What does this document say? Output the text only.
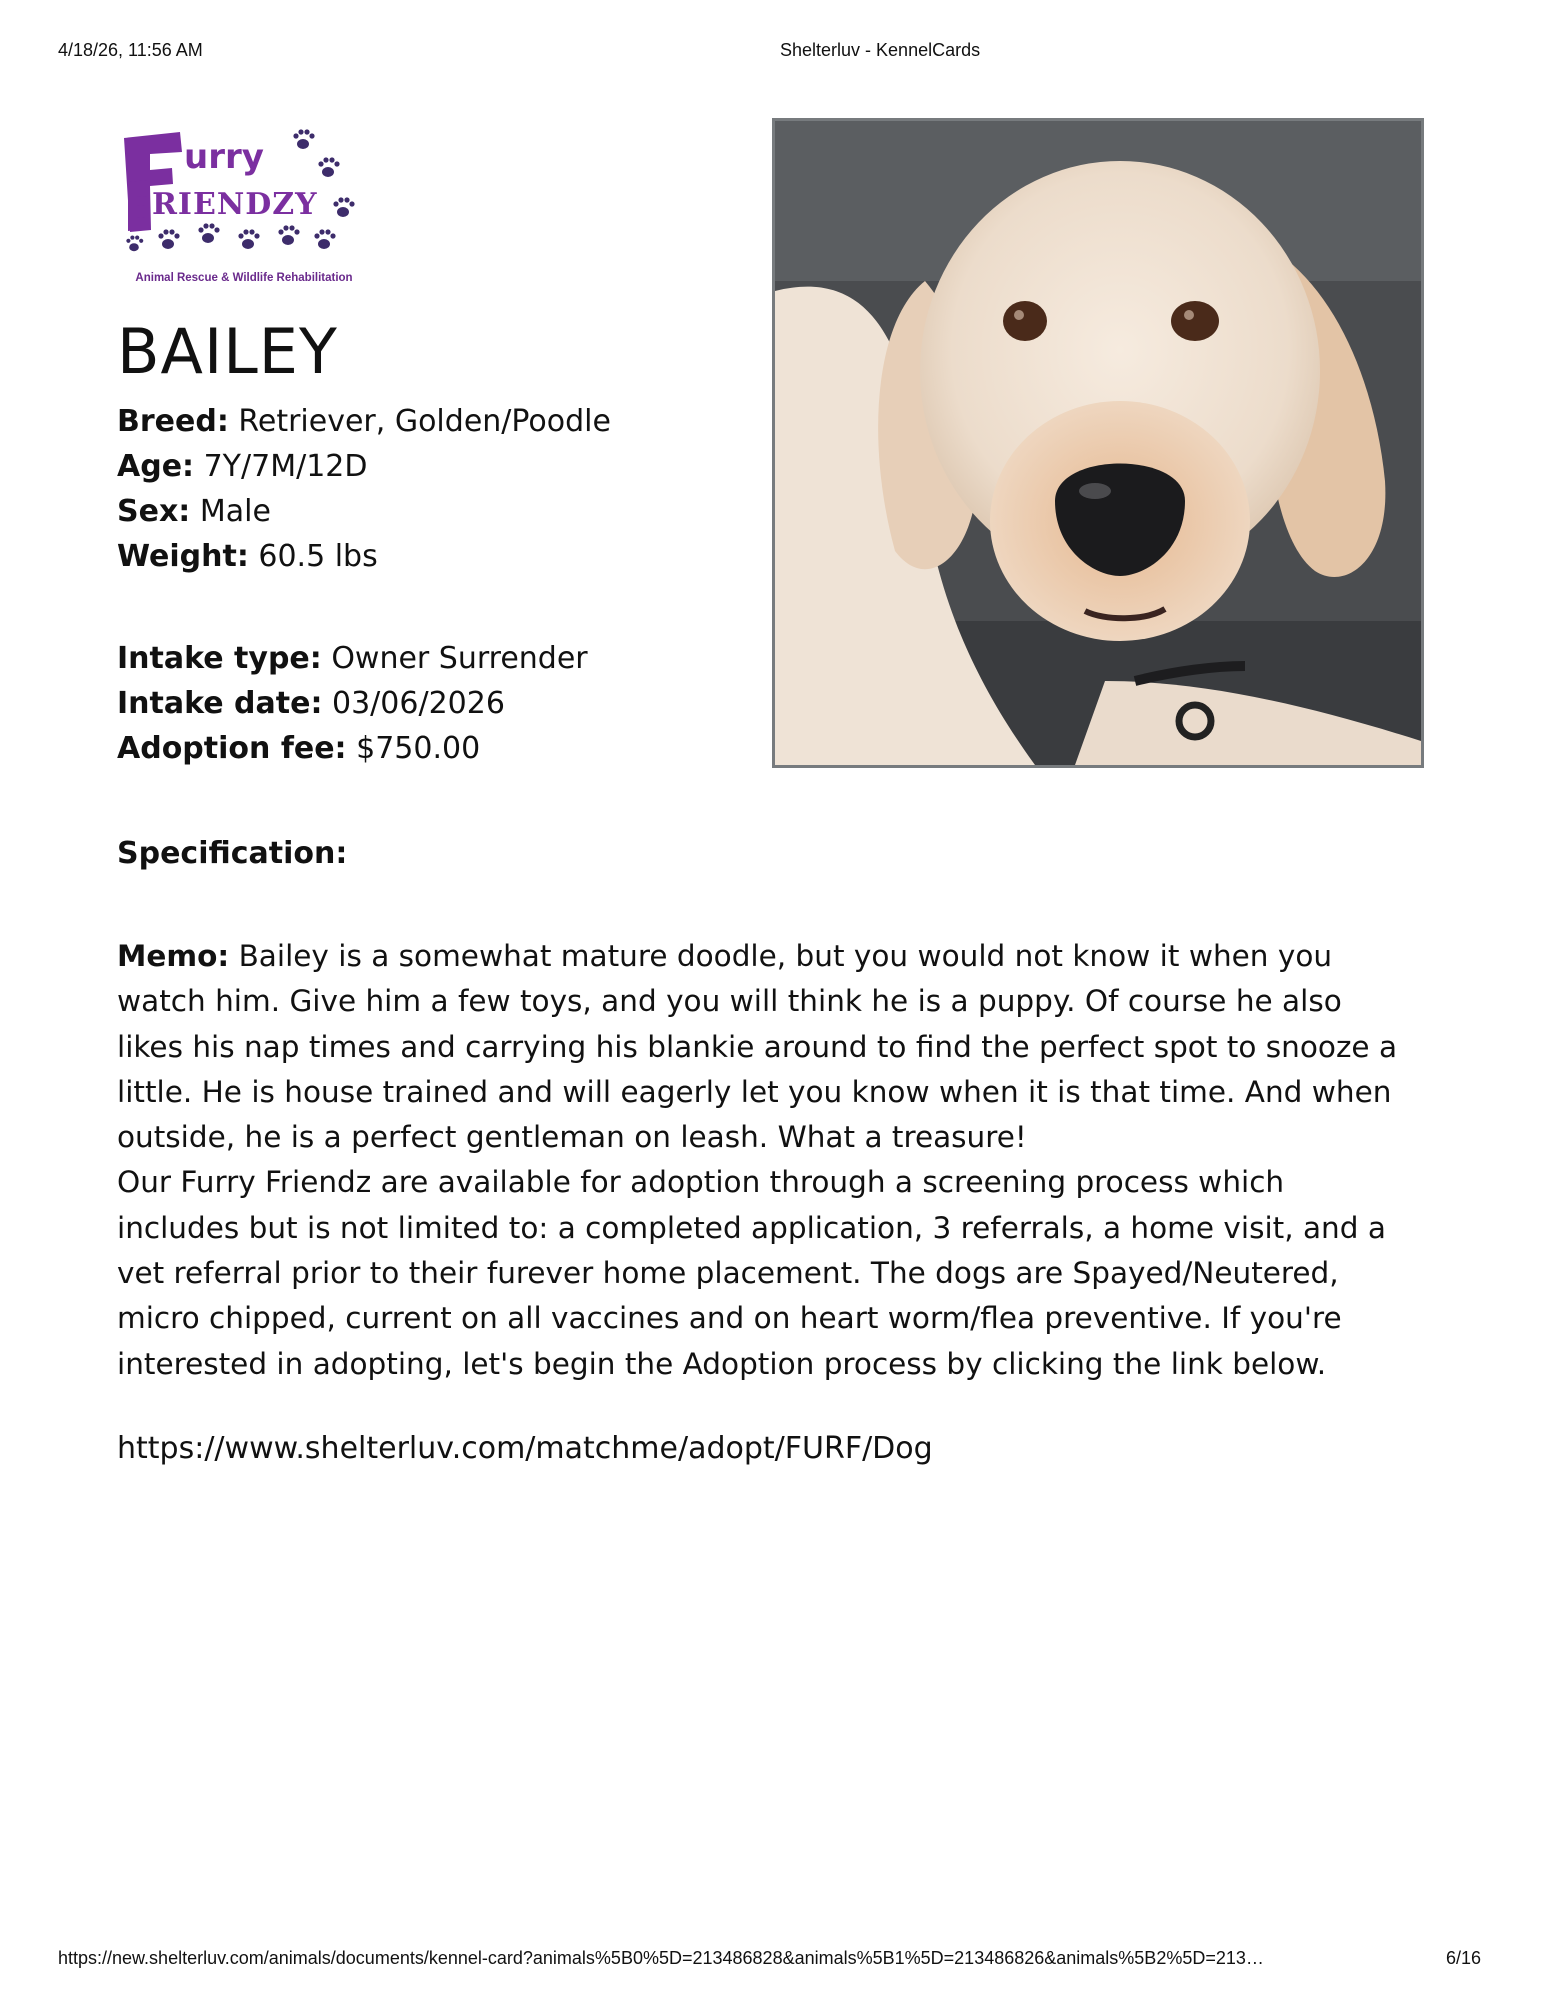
4/18/26, 11:56 AM	Shelterluv - KennelCards
urry
RIENDZY
Animal Rescue & Wildlife Rehabilitation
BAILEY
Breed: Retriever, Golden/Poodle
Age: 7Y/7M/12D
Sex: Male
Weight: 60.5 lbs
Intake type: Owner Surrender
Intake date: 03/06/2026
Adoption fee: $750.00
Specification:

Memo: Bailey is a somewhat mature doodle, but you would not know it when you watch him. Give him a few toys, and you will think he is a puppy. Of course he also likes his nap times and carrying his blankie around to find the perfect spot to snooze a little. He is house trained and will eagerly let you know when it is that time. And when outside, he is a perfect gentleman on leash. What a treasure!

Our Furry Friendz are available for adoption through a screening process which includes but is not limited to: a completed application, 3 referrals, a home visit, and a vet referral prior to their furever home placement. The dogs are Spayed/Neutered, micro chipped, current on all vaccines and on heart worm/flea preventive. If you're interested in adopting, let's begin the Adoption process by clicking the link below.

https://www.shelterluv.com/matchme/adopt/FURF/Dog
https://new.shelterluv.com/animals/documents/kennel-card?animals%5B0%5D=213486828&animals%5B1%5D=213486826&animals%5B2%5D=213…	6/16
